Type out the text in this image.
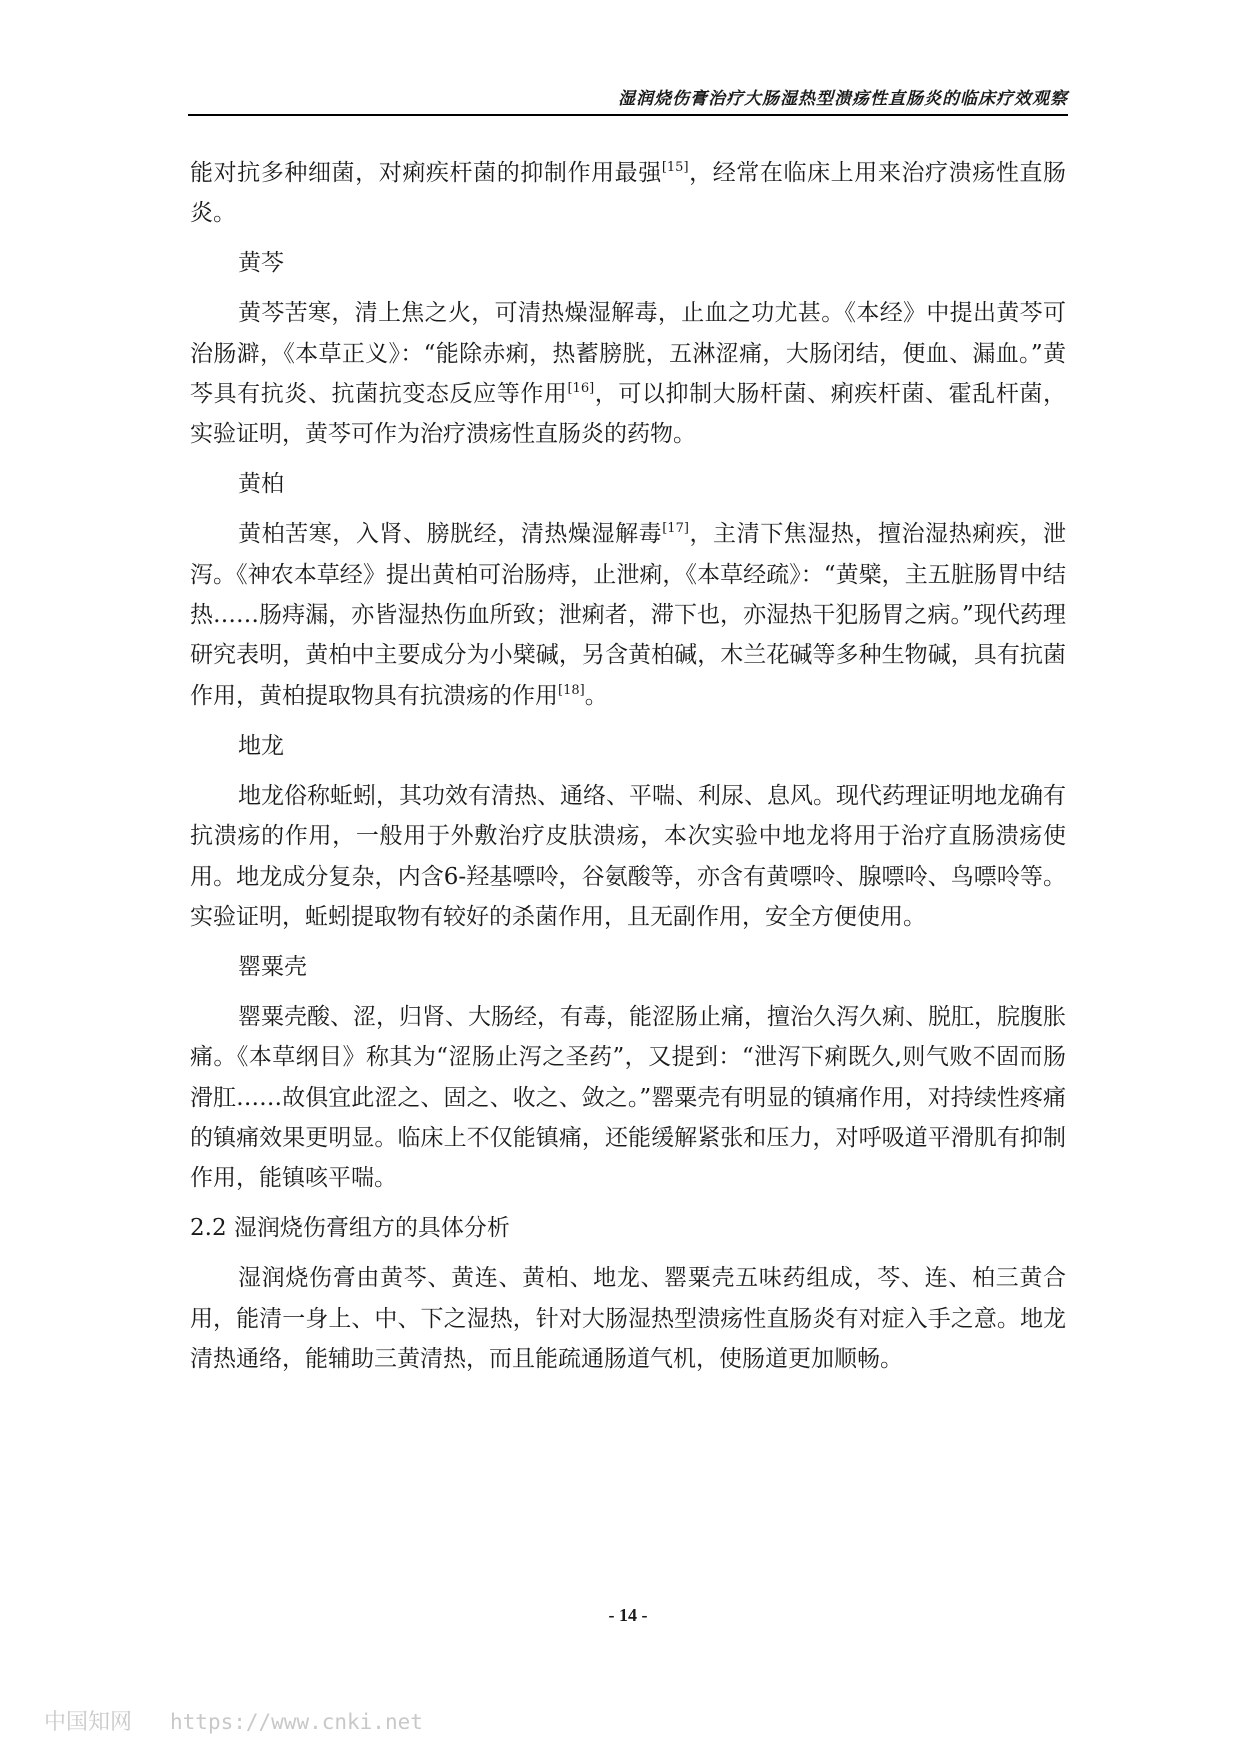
湿润烧伤膏治疗大肠湿热型溃疡性直肠炎的临床疗效观察

能对抗多种细菌，对痢疾杆菌的抑制作用最强[15]，经常在临床上用来治疗溃疡性直肠炎。

黄芩

黄芩苦寒，清上焦之火，可清热燥湿解毒，止血之功尤甚。《本经》中提出黄芩可治肠澼，《本草正义》：“能除赤痢，热蓄膀胱，五淋涩痛，大肠闭结，便血、漏血。”黄芩具有抗炎、抗菌抗变态反应等作用[16]，可以抑制大肠杆菌、痢疾杆菌、霍乱杆菌，实验证明，黄芩可作为治疗溃疡性直肠炎的药物。

黄柏

黄柏苦寒，入肾、膀胱经，清热燥湿解毒[17]，主清下焦湿热，擅治湿热痢疾，泄泻。《神农本草经》提出黄柏可治肠痔，止泄痢，《本草经疏》：“黄檗，主五脏肠胃中结热……肠痔漏，亦皆湿热伤血所致；泄痢者，滞下也，亦湿热干犯肠胃之病。”现代药理研究表明，黄柏中主要成分为小檗碱，另含黄柏碱，木兰花碱等多种生物碱，具有抗菌作用，黄柏提取物具有抗溃疡的作用[18]。

地龙

地龙俗称蚯蚓，其功效有清热、通络、平喘、利尿、息风。现代药理证明地龙确有抗溃疡的作用，一般用于外敷治疗皮肤溃疡，本次实验中地龙将用于治疗直肠溃疡使用。地龙成分复杂，内含6-羟基嘌呤，谷氨酸等，亦含有黄嘌呤、腺嘌呤、鸟嘌呤等。实验证明，蚯蚓提取物有较好的杀菌作用，且无副作用，安全方便使用。

罂粟壳

罂粟壳酸、涩，归肾、大肠经，有毒，能涩肠止痛，擅治久泻久痢、脱肛，脘腹胀痛。《本草纲目》称其为“涩肠止泻之圣药”，又提到：“泄泻下痢既久,则气败不固而肠滑肛……故俱宜此涩之、固之、收之、敛之。”罂粟壳有明显的镇痛作用，对持续性疼痛的镇痛效果更明显。临床上不仅能镇痛，还能缓解紧张和压力，对呼吸道平滑肌有抑制作用，能镇咳平喘。

2.2 湿润烧伤膏组方的具体分析

湿润烧伤膏由黄芩、黄连、黄柏、地龙、罂粟壳五味药组成，芩、连、柏三黄合用，能清一身上、中、下之湿热，针对大肠湿热型溃疡性直肠炎有对症入手之意。地龙清热通络，能辅助三黄清热，而且能疏通肠道气机，使肠道更加顺畅。

- 14 -
中国知网 https://www.cnki.net
